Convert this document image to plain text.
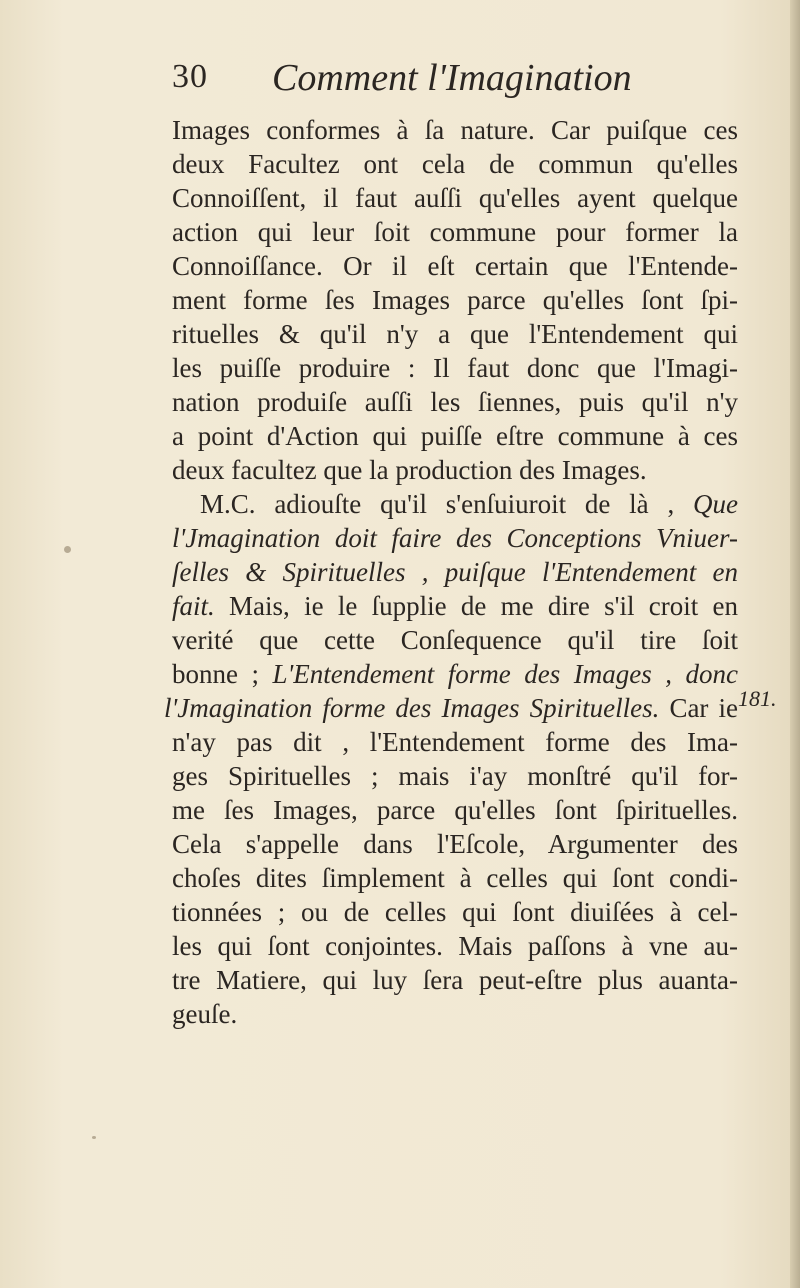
30 Comment l'Imagination
Images conformes à ſa nature. Car puiſque ces
deux Facultez ont cela de commun qu'elles
Connoiſſent, il faut auſſi qu'elles ayent quelque
action qui leur ſoit commune pour former la
Connoiſſance. Or il eſt certain que l'Entende-
ment forme ſes Images parce qu'elles ſont ſpi-
rituelles & qu'il n'y a que l'Entendement qui
les puiſſe produire : Il faut donc que l'Imagi-
nation produiſe auſſi les ſiennes, puis qu'il n'y
a point d'Action qui puiſſe eſtre commune à ces
deux facultez que la production des Images.
M.C. adiouſte qu'il s'enſuiuroit de là , Que
l'Jmagination doit faire des Conceptions Vniuer-
ſelles & Spirituelles , puiſque l'Entendement en
fait. Mais, ie le ſupplie de me dire s'il croit en
verité que cette Conſequence qu'il tire ſoit
bonne ; L'Entendement forme des Images , donc
l'Jmagination forme des Images Spirituelles. Car ie
n'ay pas dit , l'Entendement forme des Ima-
ges Spirituelles ; mais i'ay monſtré qu'il for-
me ſes Images, parce qu'elles ſont ſpirituelles.
Cela s'appelle dans l'Eſcole, Argumenter des
choſes dites ſimplement à celles qui ſont condi-
tionnées ; ou de celles qui ſont diuiſées à cel-
les qui ſont conjointes. Mais paſſons à vne au-
tre Matiere, qui luy ſera peut-eſtre plus auanta-
geuſe.
181.
